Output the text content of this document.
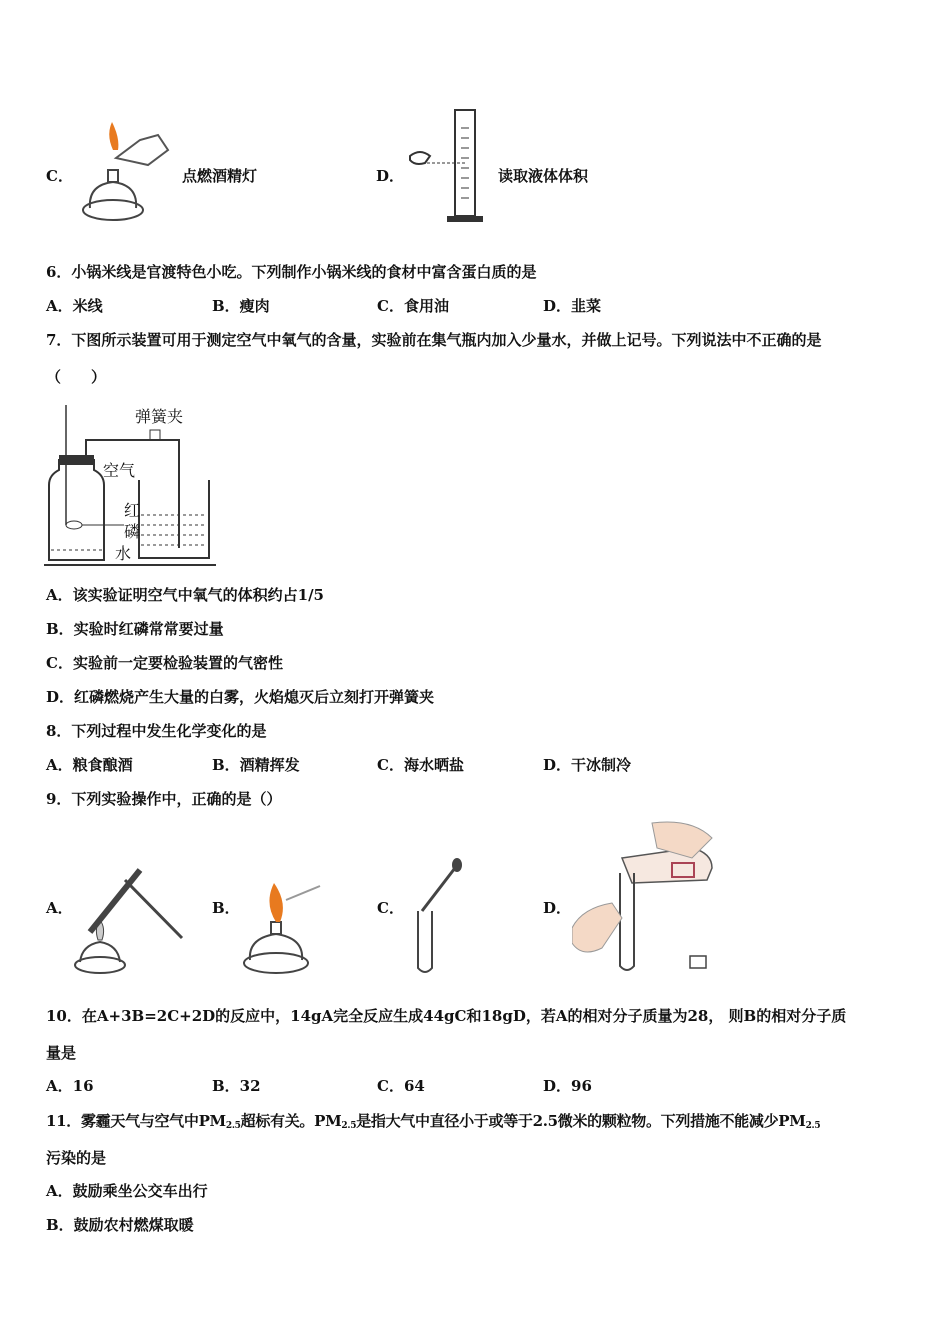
C．	点燃酒精灯	D．	读取液体体积
6．小锅米线是官渡特色小吃。下列制作小锅米线的食材中富含蛋白质的是
A．米线	B．瘦肉	C．食用油	D．韭菜
7．下图所示装置可用于测定空气中氧气的含量，实验前在集气瓶内加入少量水，并做上记号。下列说法中不正确的是
（　　）
弹簧夹
空气
红
磷
水
A．该实验证明空气中氧气的体积约占1/5
B．实验时红磷常常要过量
C．实验前一定要检验装置的气密性
D．红磷燃烧产生大量的白雾，火焰熄灭后立刻打开弹簧夹
8．下列过程中发生化学变化的是
A．粮食酿酒	B．酒精挥发	C．海水晒盐	D．干冰制冷
9．下列实验操作中，正确的是（）
A．	B．	C．	D．
10．在A+3B=2C+2D的反应中，14gA完全反应生成44gC和18gD，若A的相对分子质量为28， 则B的相对分子质
量是
A．16	B．32	C．64	D．96
11．雾霾天气与空气中$PM_{2.5}$超标有关。$PM_{2.5}$是指大气中直径小于或等于2.5微米的颗粒物。下列措施不能减少$PM_{2.5}$
污染的是
A．鼓励乘坐公交车出行
B．鼓励农村燃煤取暖
